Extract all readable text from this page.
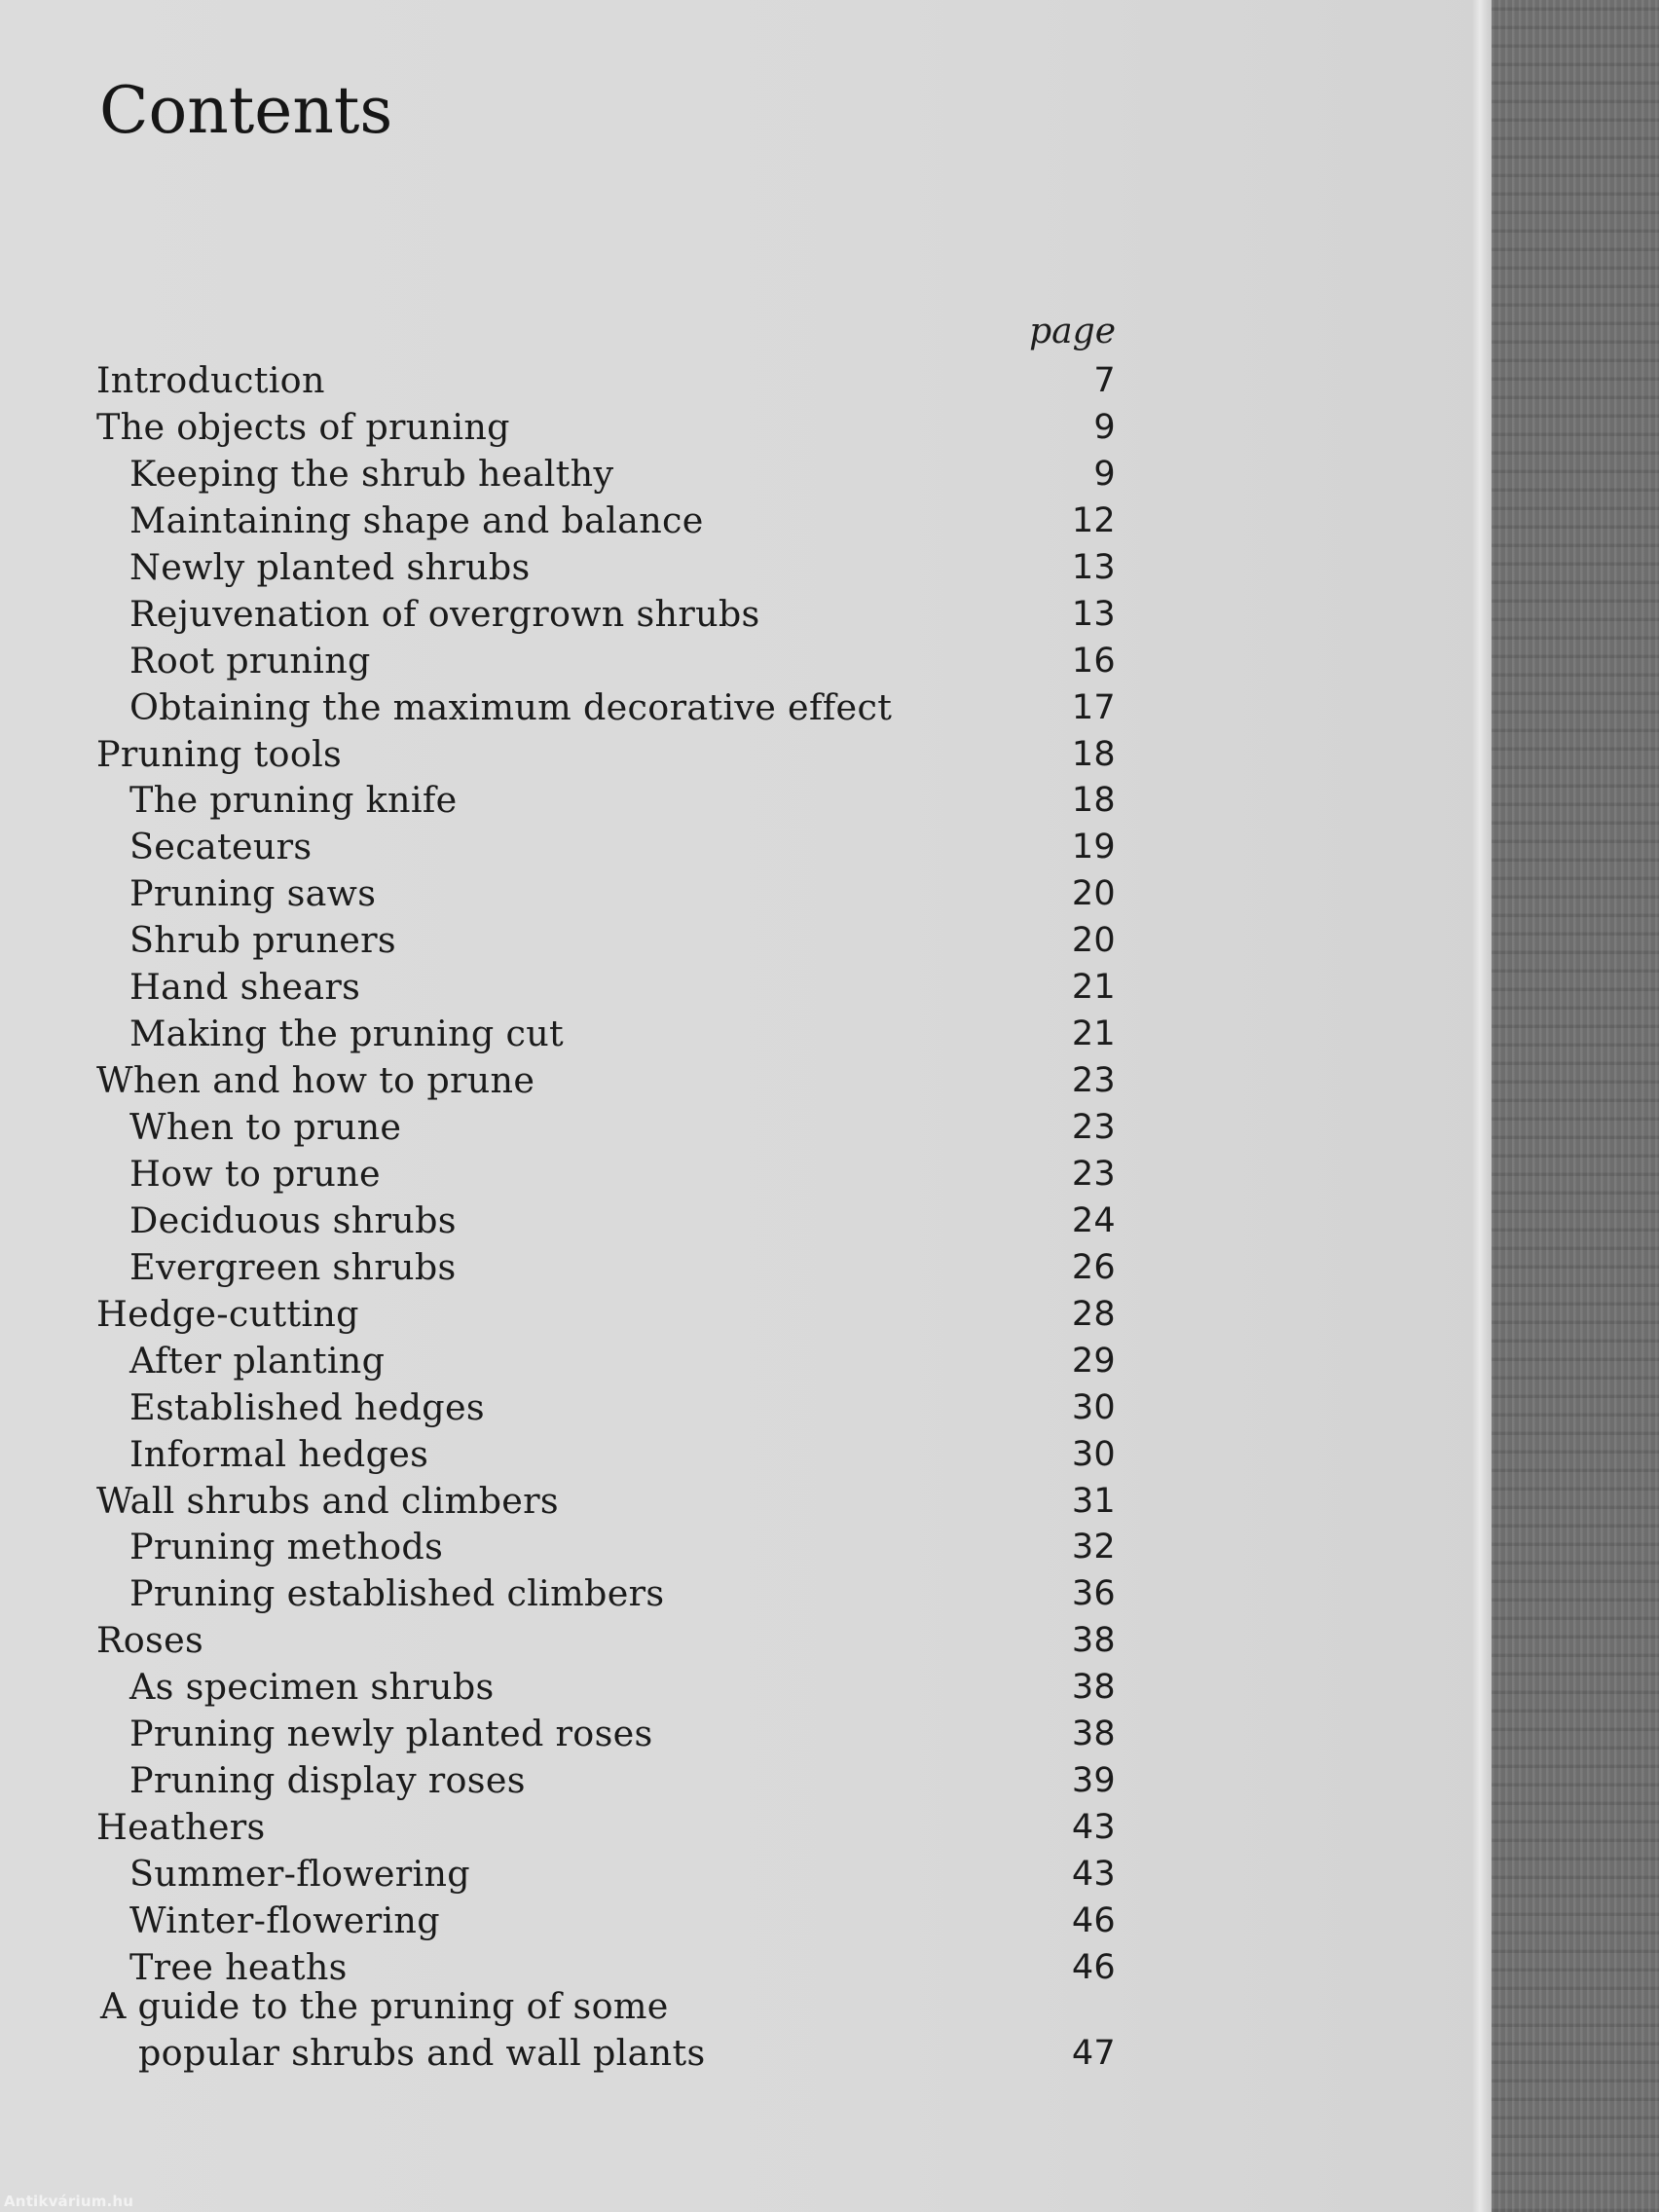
Contents
page
Introduction	7
The objects of pruning	9
Keeping the shrub healthy	9
Maintaining shape and balance	12
Newly planted shrubs	13
Rejuvenation of overgrown shrubs	13
Root pruning	16
Obtaining the maximum decorative effect	17
Pruning tools	18
The pruning knife	18
Secateurs	19
Pruning saws	20
Shrub pruners	20
Hand shears	21
Making the pruning cut	21
When and how to prune	23
When to prune	23
How to prune	23
Deciduous shrubs	24
Evergreen shrubs	26
Hedge-cutting	28
After planting	29
Established hedges	30
Informal hedges	30
Wall shrubs and climbers	31
Pruning methods	32
Pruning established climbers	36
Roses	38
As specimen shrubs	38
Pruning newly planted roses	38
Pruning display roses	39
Heathers	43
Summer-flowering	43
Winter-flowering	46
Tree heaths	46
A guide to the pruning of some
popular shrubs and wall plants	47
Antikvárium.hu
